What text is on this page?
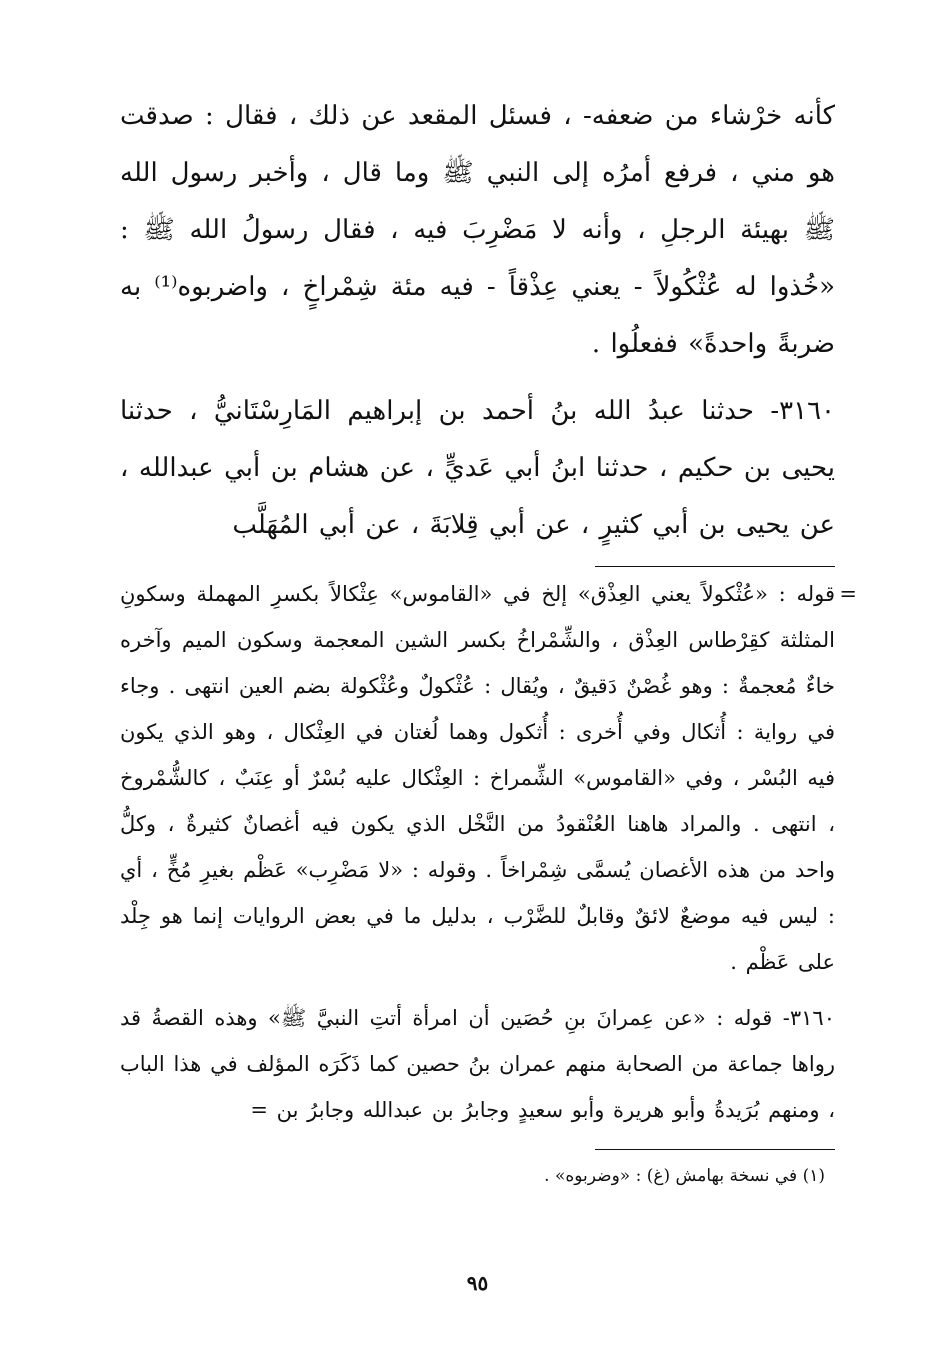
كأنه خرْشاء من ضعفه- ، فسئل المقعد عن ذلك ، فقال : صدقت هو مني ، فرفع أمرُه إلى النبي ﷺ وما قال ، وأخبر رسول الله ﷺ بهيئة الرجلِ ، وأنه لا مَضْرِبَ فيه ، فقال رسولُ الله ﷺ : «خُذوا له عُثْكُولاً - يعني عِذْقاً - فيه مئة شِمْراخٍ ، واضربوه⁽¹⁾ به ضربةً واحدةً» ففعلُوا .

٣١٦٠- حدثنا عبدُ الله بنُ أحمد بن إبراهيم المَارِسْتَانيُّ ، حدثنا يحيى بن حكيم ، حدثنا ابنُ أبي عَديٍّ ، عن هشام بن أبي عبدالله ، عن يحيى بن أبي كثيرٍ ، عن أبي قِلابَةَ ، عن أبي المُهَلَّب

=

قوله : «عُثْكولاً يعني العِذْق» إلخ في «القاموس» عِثْكالاً بكسرِ المهملة وسكونِ المثلثة كقِرْطاس العِذْق ، والشِّمْراخُ بكسر الشين المعجمة وسكون الميم وآخره خاءٌ مُعجمةٌ : وهو غُصْنٌ دَقيقٌ ، ويُقال : عُثْكولٌ وعُثْكولة بضم العين انتهى . وجاء في رواية : أُثكال وفي أُخرى : أُثكول وهما لُغتان في العِثْكال ، وهو الذي يكون فيه البُسْر ، وفي «القاموس» الشِّمراخ : العِثْكال عليه بُسْرٌ أو عِنَبٌ ، كالشُّمْروخ ، انتهى . والمراد هاهنا العُنْقودُ من النَّخْل الذي يكون فيه أغصانٌ كثيرةٌ ، وكلُّ واحد من هذه الأغصان يُسمَّى شِمْراخاً . وقوله : «لا مَضْرِب» عَظْم بغيرِ مُخٍّ ، أي : ليس فيه موضعٌ لائقٌ وقابلٌ للضَّرْب ، بدليل ما في بعض الروايات إنما هو جِلْد على عَظْم .

٣١٦٠- قوله : «عن عِمرانَ بنِ حُصَين أن امرأة أتتِ النبيَّ ﷺ» وهذه القصةُ قد رواها جماعة من الصحابة منهم عمران بنُ حصين كما ذَكَرَه المؤلف في هذا الباب ، ومنهم بُرَيدةُ وأبو هريرة وأبو سعيدٍ وجابرُ بن عبدالله وجابرُ بن =

(١) في نسخة بهامش (غ) : «وضربوه» .

٩٥
